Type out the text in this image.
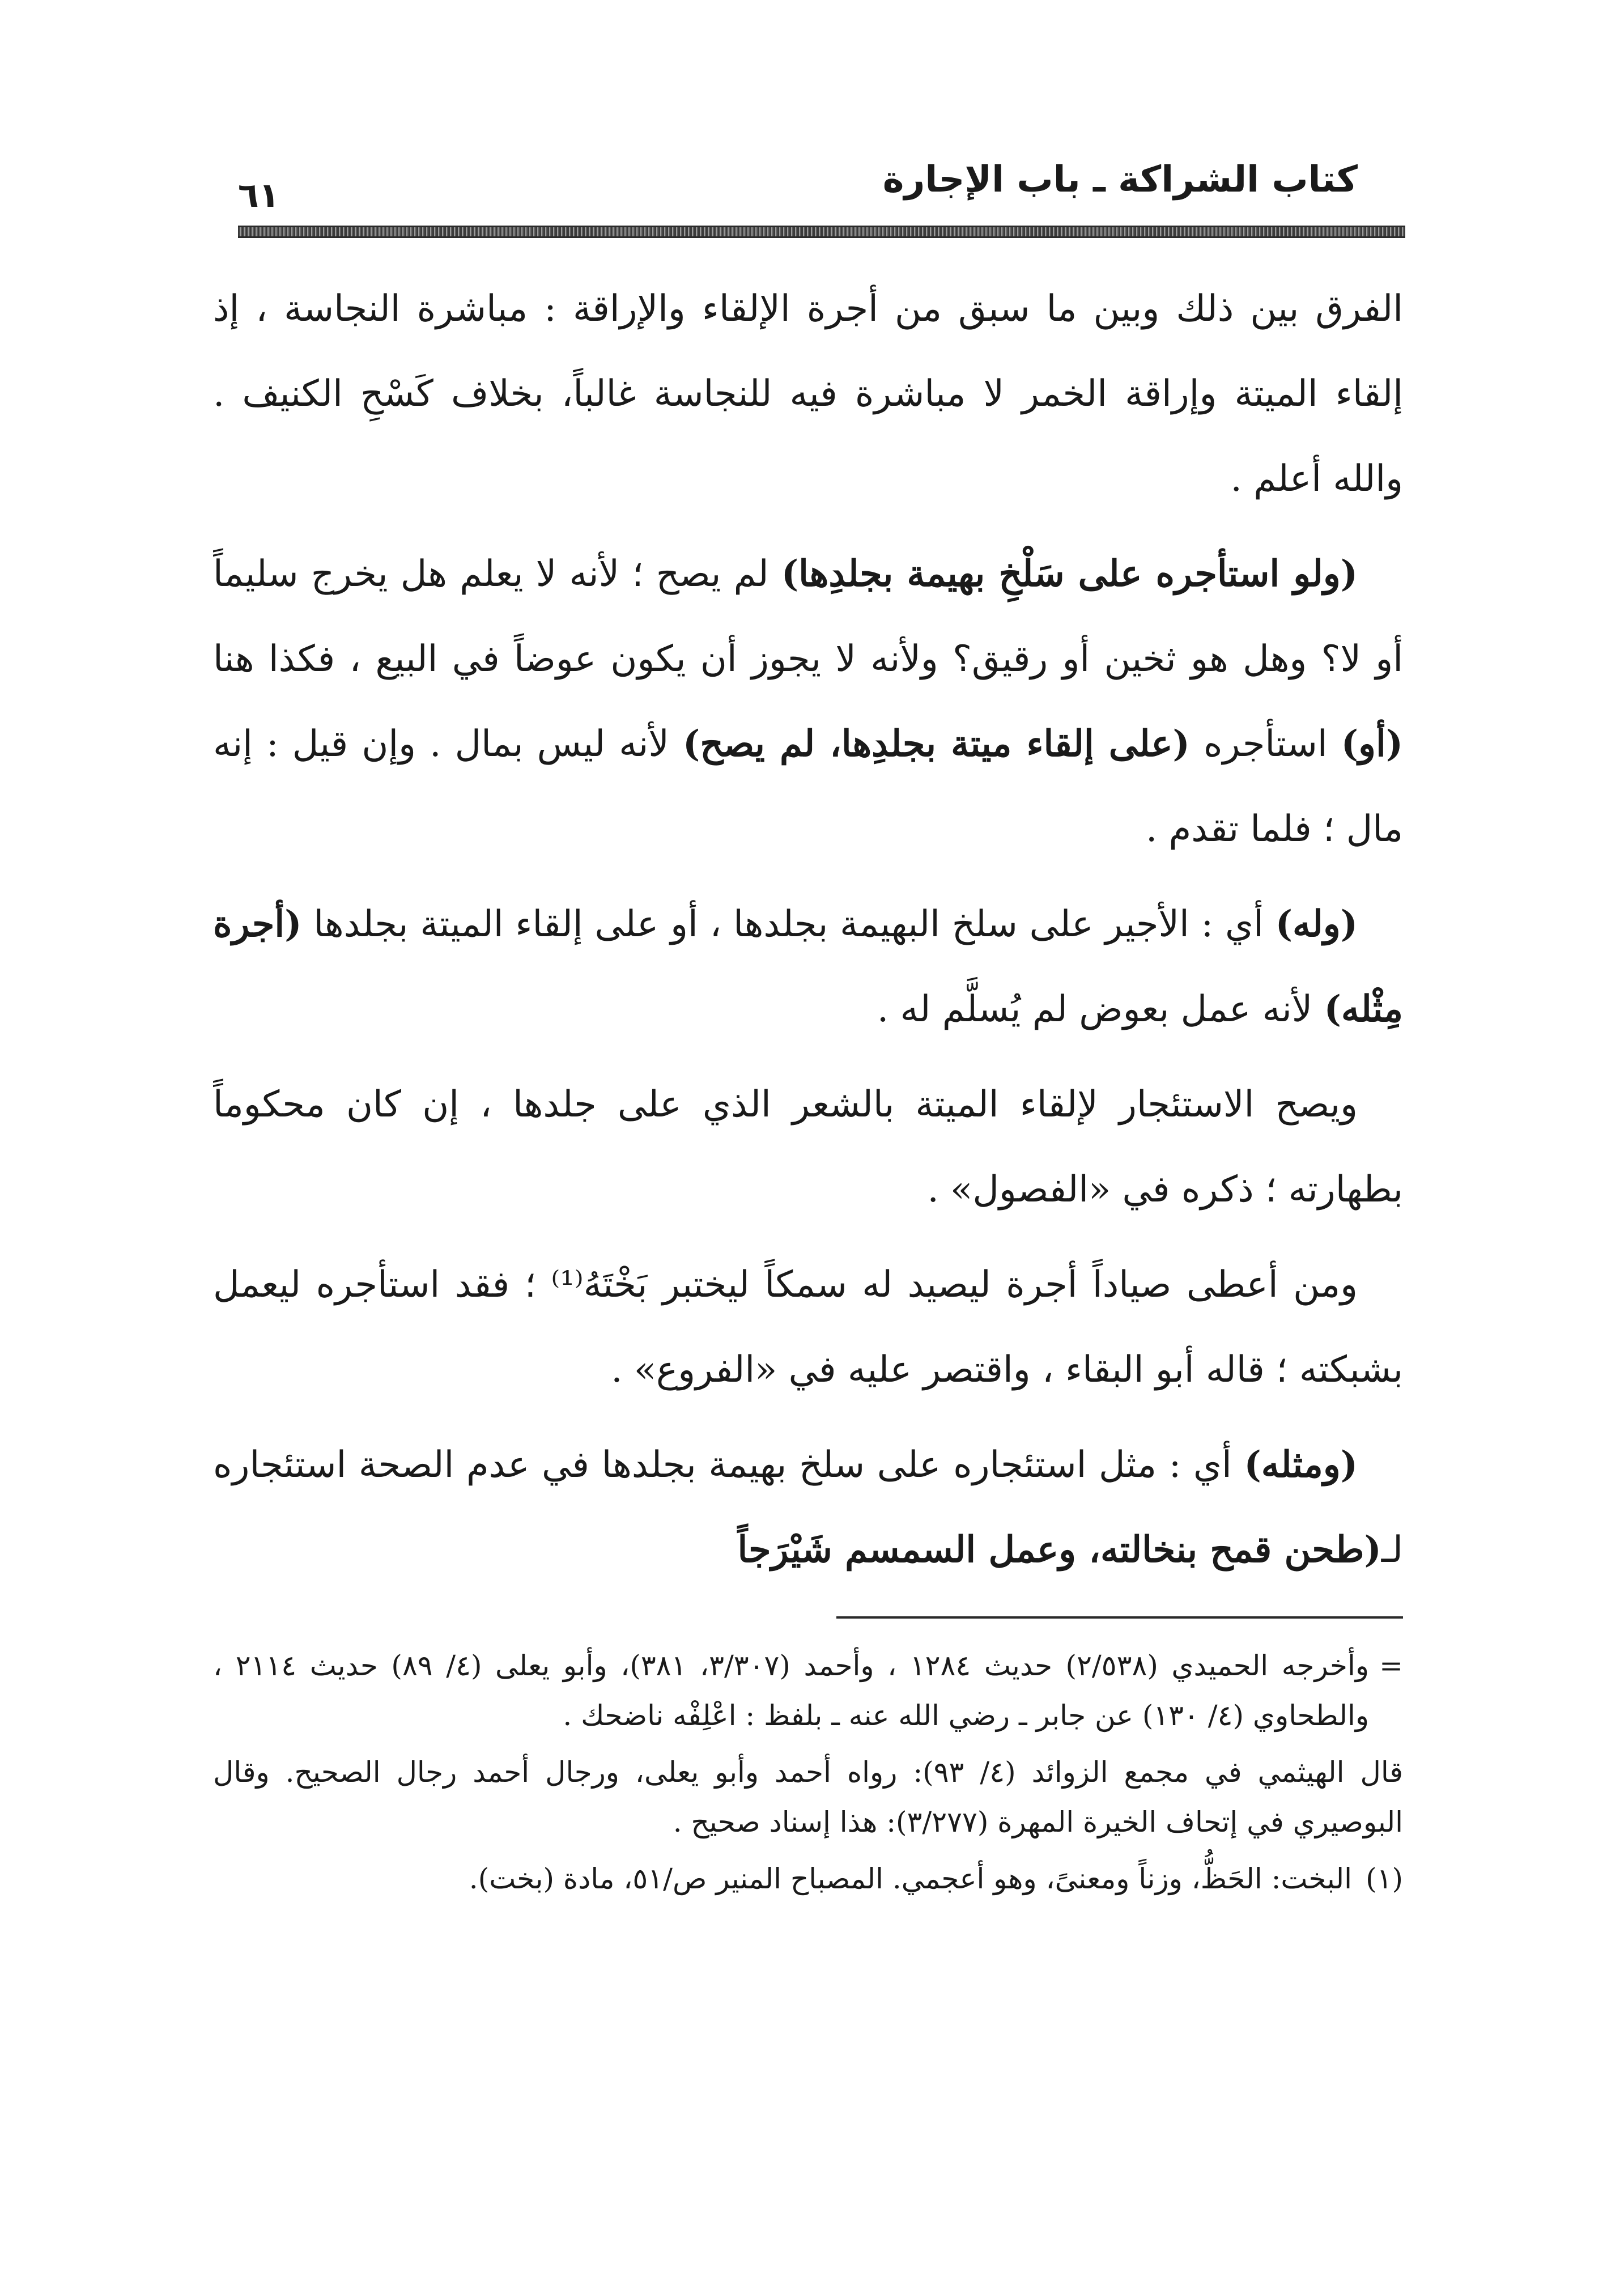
كتاب الشراكة ـ باب الإجارة
٦١

الفرق بين ذلك وبين ما سبق من أجرة الإلقاء والإراقة : مباشرة النجاسة ، إذ إلقاء الميتة وإراقة الخمر لا مباشرة فيه للنجاسة غالباً، بخلاف كَسْحِ الكنيف . والله أعلم .

(ولو استأجره على سَلْخِ بهيمة بجلدِها) لم يصح ؛ لأنه لا يعلم هل يخرج سليماً أو لا؟ وهل هو ثخين أو رقيق؟ ولأنه لا يجوز أن يكون عوضاً في البيع ، فكذا هنا (أو) استأجره (على إلقاء ميتة بجلدِها، لم يصح) لأنه ليس بمال . وإن قيل : إنه مال ؛ فلما تقدم .

(وله) أي : الأجير على سلخ البهيمة بجلدها ، أو على إلقاء الميتة بجلدها (أجرة مِثْله) لأنه عمل بعوض لم يُسلَّم له .

ويصح الاستئجار لإلقاء الميتة بالشعر الذي على جلدها ، إن كان محكوماً بطهارته ؛ ذكره في «الفصول» .

ومن أعطى صياداً أجرة ليصيد له سمكاً ليختبر بَخْتَهُ⁽¹⁾ ؛ فقد استأجره ليعمل بشبكته ؛ قاله أبو البقاء ، واقتصر عليه في «الفروع» .

(ومثله) أي : مثل استئجاره على سلخ بهيمة بجلدها في عدم الصحة استئجاره لـ(طحن قمح بنخالته، وعمل السمسم شَيْرَجاً

=
وأخرجه الحميدي (٢/٥٣٨) حديث ١٢٨٤ ، وأحمد (٣/٣٠٧، ٣٨١)، وأبو يعلى (٤/ ٨٩) حديث ٢١١٤ ، والطحاوي (٤/ ١٣٠) عن جابر ـ رضي الله عنه ـ بلفظ : اعْلِفْه ناضحك .

قال الهيثمي في مجمع الزوائد (٤/ ٩٣): رواه أحمد وأبو يعلى، ورجال أحمد رجال الصحيح. وقال البوصيري في إتحاف الخيرة المهرة (٣/٢٧٧): هذا إسناد صحيح .

(١)
البخت: الحَظُّ، وزناً ومعنىً، وهو أعجمي. المصباح المنير ص/٥١، مادة (بخت).
